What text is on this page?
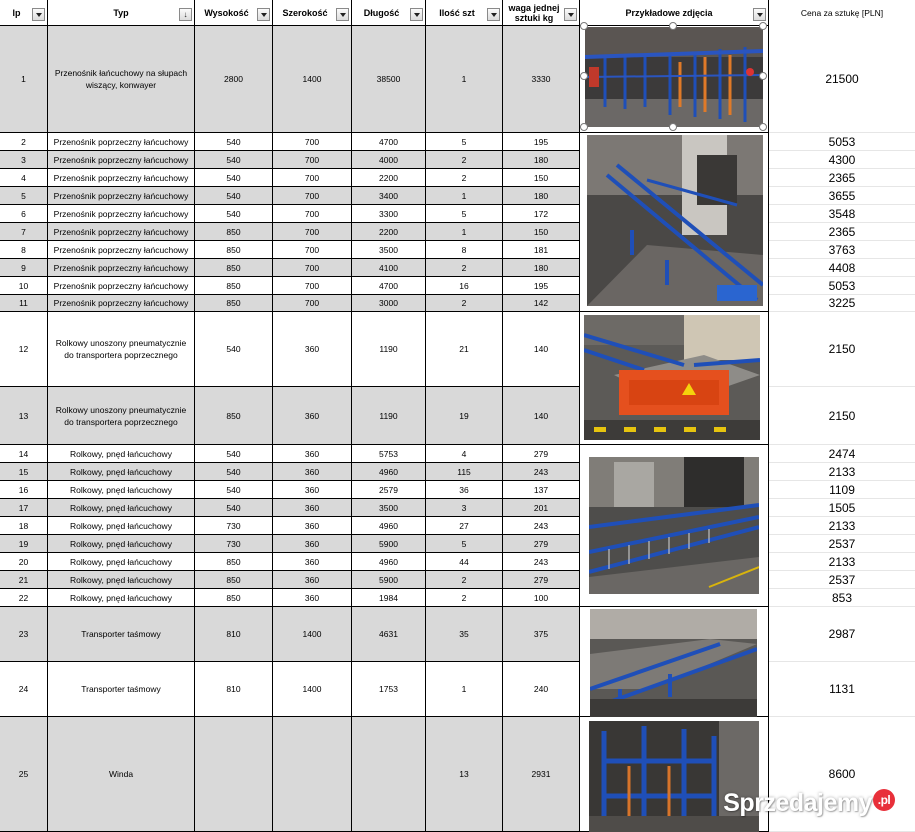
lp	Typ
↓	Wysokość	Szerokość	Długość	Ilość szt	waga jednej sztuki kg	Przykładowe zdjęcia	Cena za sztukę [PLN]
1
Przenośnik łańcuchowy na słupach wiszący, konwayer
2800	1400	38500	1	3330	21500
2	Przenośnik poprzeczny łańcuchowy	540	700	4700	5	195	5053
3	Przenośnik poprzeczny łańcuchowy	540	700	4000	2	180	4300
4	Przenośnik poprzeczny łańcuchowy	540	700	2200	2	150	2365
5	Przenośnik poprzeczny łańcuchowy	540	700	3400	1	180	3655
6	Przenośnik poprzeczny łańcuchowy	540	700	3300	5	172	3548
7	Przenośnik poprzeczny łańcuchowy	850	700	2200	1	150	2365
8	Przenośnik poprzeczny łańcuchowy	850	700	3500	8	181	3763
9	Przenośnik poprzeczny łańcuchowy	850	700	4100	2	180	4408
10	Przenośnik poprzeczny łańcuchowy	850	700	4700	16	195	5053
11	Przenośnik poprzeczny łańcuchowy	850	700	3000	2	142	3225
12
Rolkowy unoszony pneumatycznie do transportera poprzecznego
540	360	1190	21	140	2150
13
Rolkowy unoszony pneumatycznie do transportera poprzecznego
850	360	1190	19	140	2150
14	Rolkowy, pnęd łańcuchowy	540	360	5753	4	279	2474
15	Rolkowy, pnęd łańcuchowy	540	360	4960	115	243	2133
16	Rolkowy, pnęd łańcuchowy	540	360	2579	36	137	1109
17	Rolkowy, pnęd łańcuchowy	540	360	3500	3	201	1505
18	Rolkowy, pnęd łańcuchowy	730	360	4960	27	243	2133
19	Rolkowy, pnęd łańcuchowy	730	360	5900	5	279	2537
20	Rolkowy, pnęd łańcuchowy	850	360	4960	44	243	2133
21	Rolkowy, pnęd łańcuchowy	850	360	5900	2	279	2537
22	Rolkowy, pnęd łańcuchowy	850	360	1984	2	100	853
23	Transporter taśmowy	810	1400	4631	35	375	2987
24	Transporter taśmowy	810	1400	1753	1	240	1131
25	Winda	13	2931	8600
Sprzedajemy .pl
